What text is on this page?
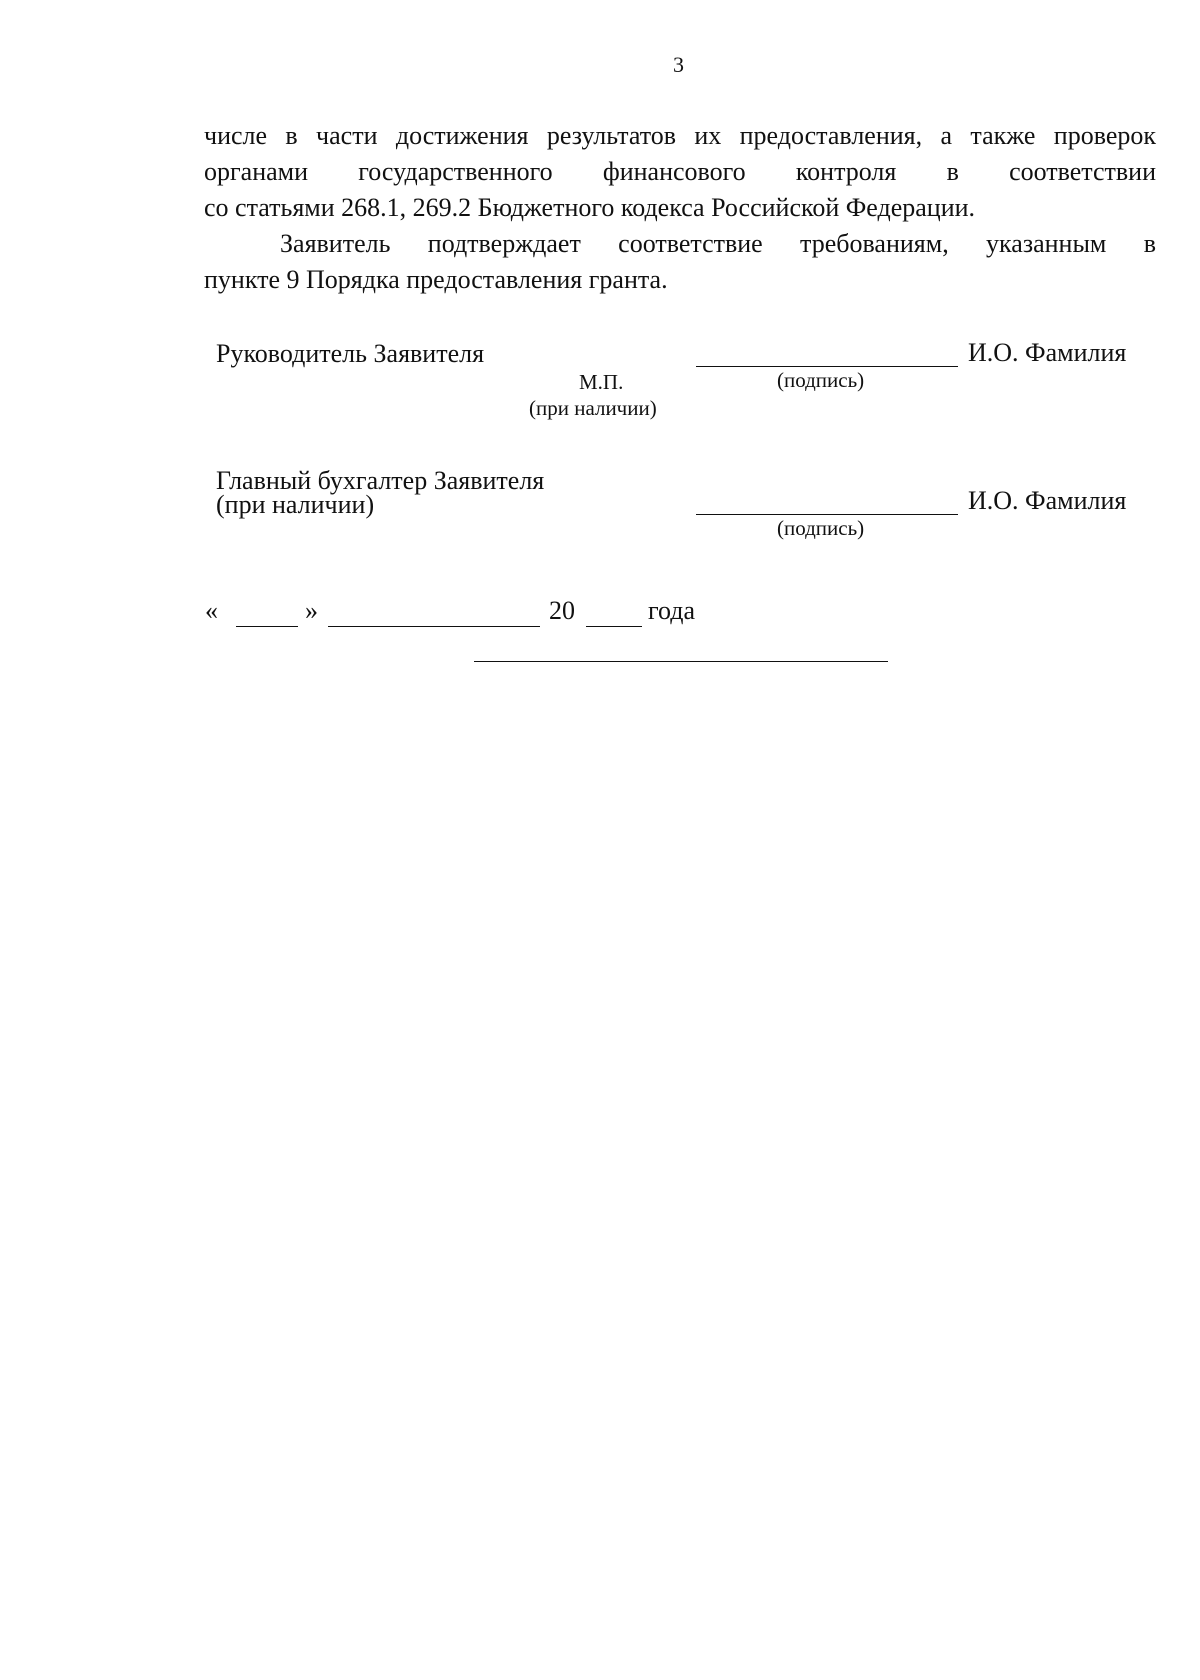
3
числе в части достижения результатов их предоставления, а также проверок органами государственного финансового контроля в соответствии
со статьями 268.1, 269.2 Бюджетного кодекса Российской Федерации.
Заявитель подтверждает соответствие требованиям, указанным в
пункте 9 Порядка предоставления гранта.
Руководитель Заявителя	И.О. Фамилия
М.П.	(подпись)
(при наличии)
Главный бухгалтер Заявителя
(при наличии)	И.О. Фамилия
(подпись)
«	»	20	года
